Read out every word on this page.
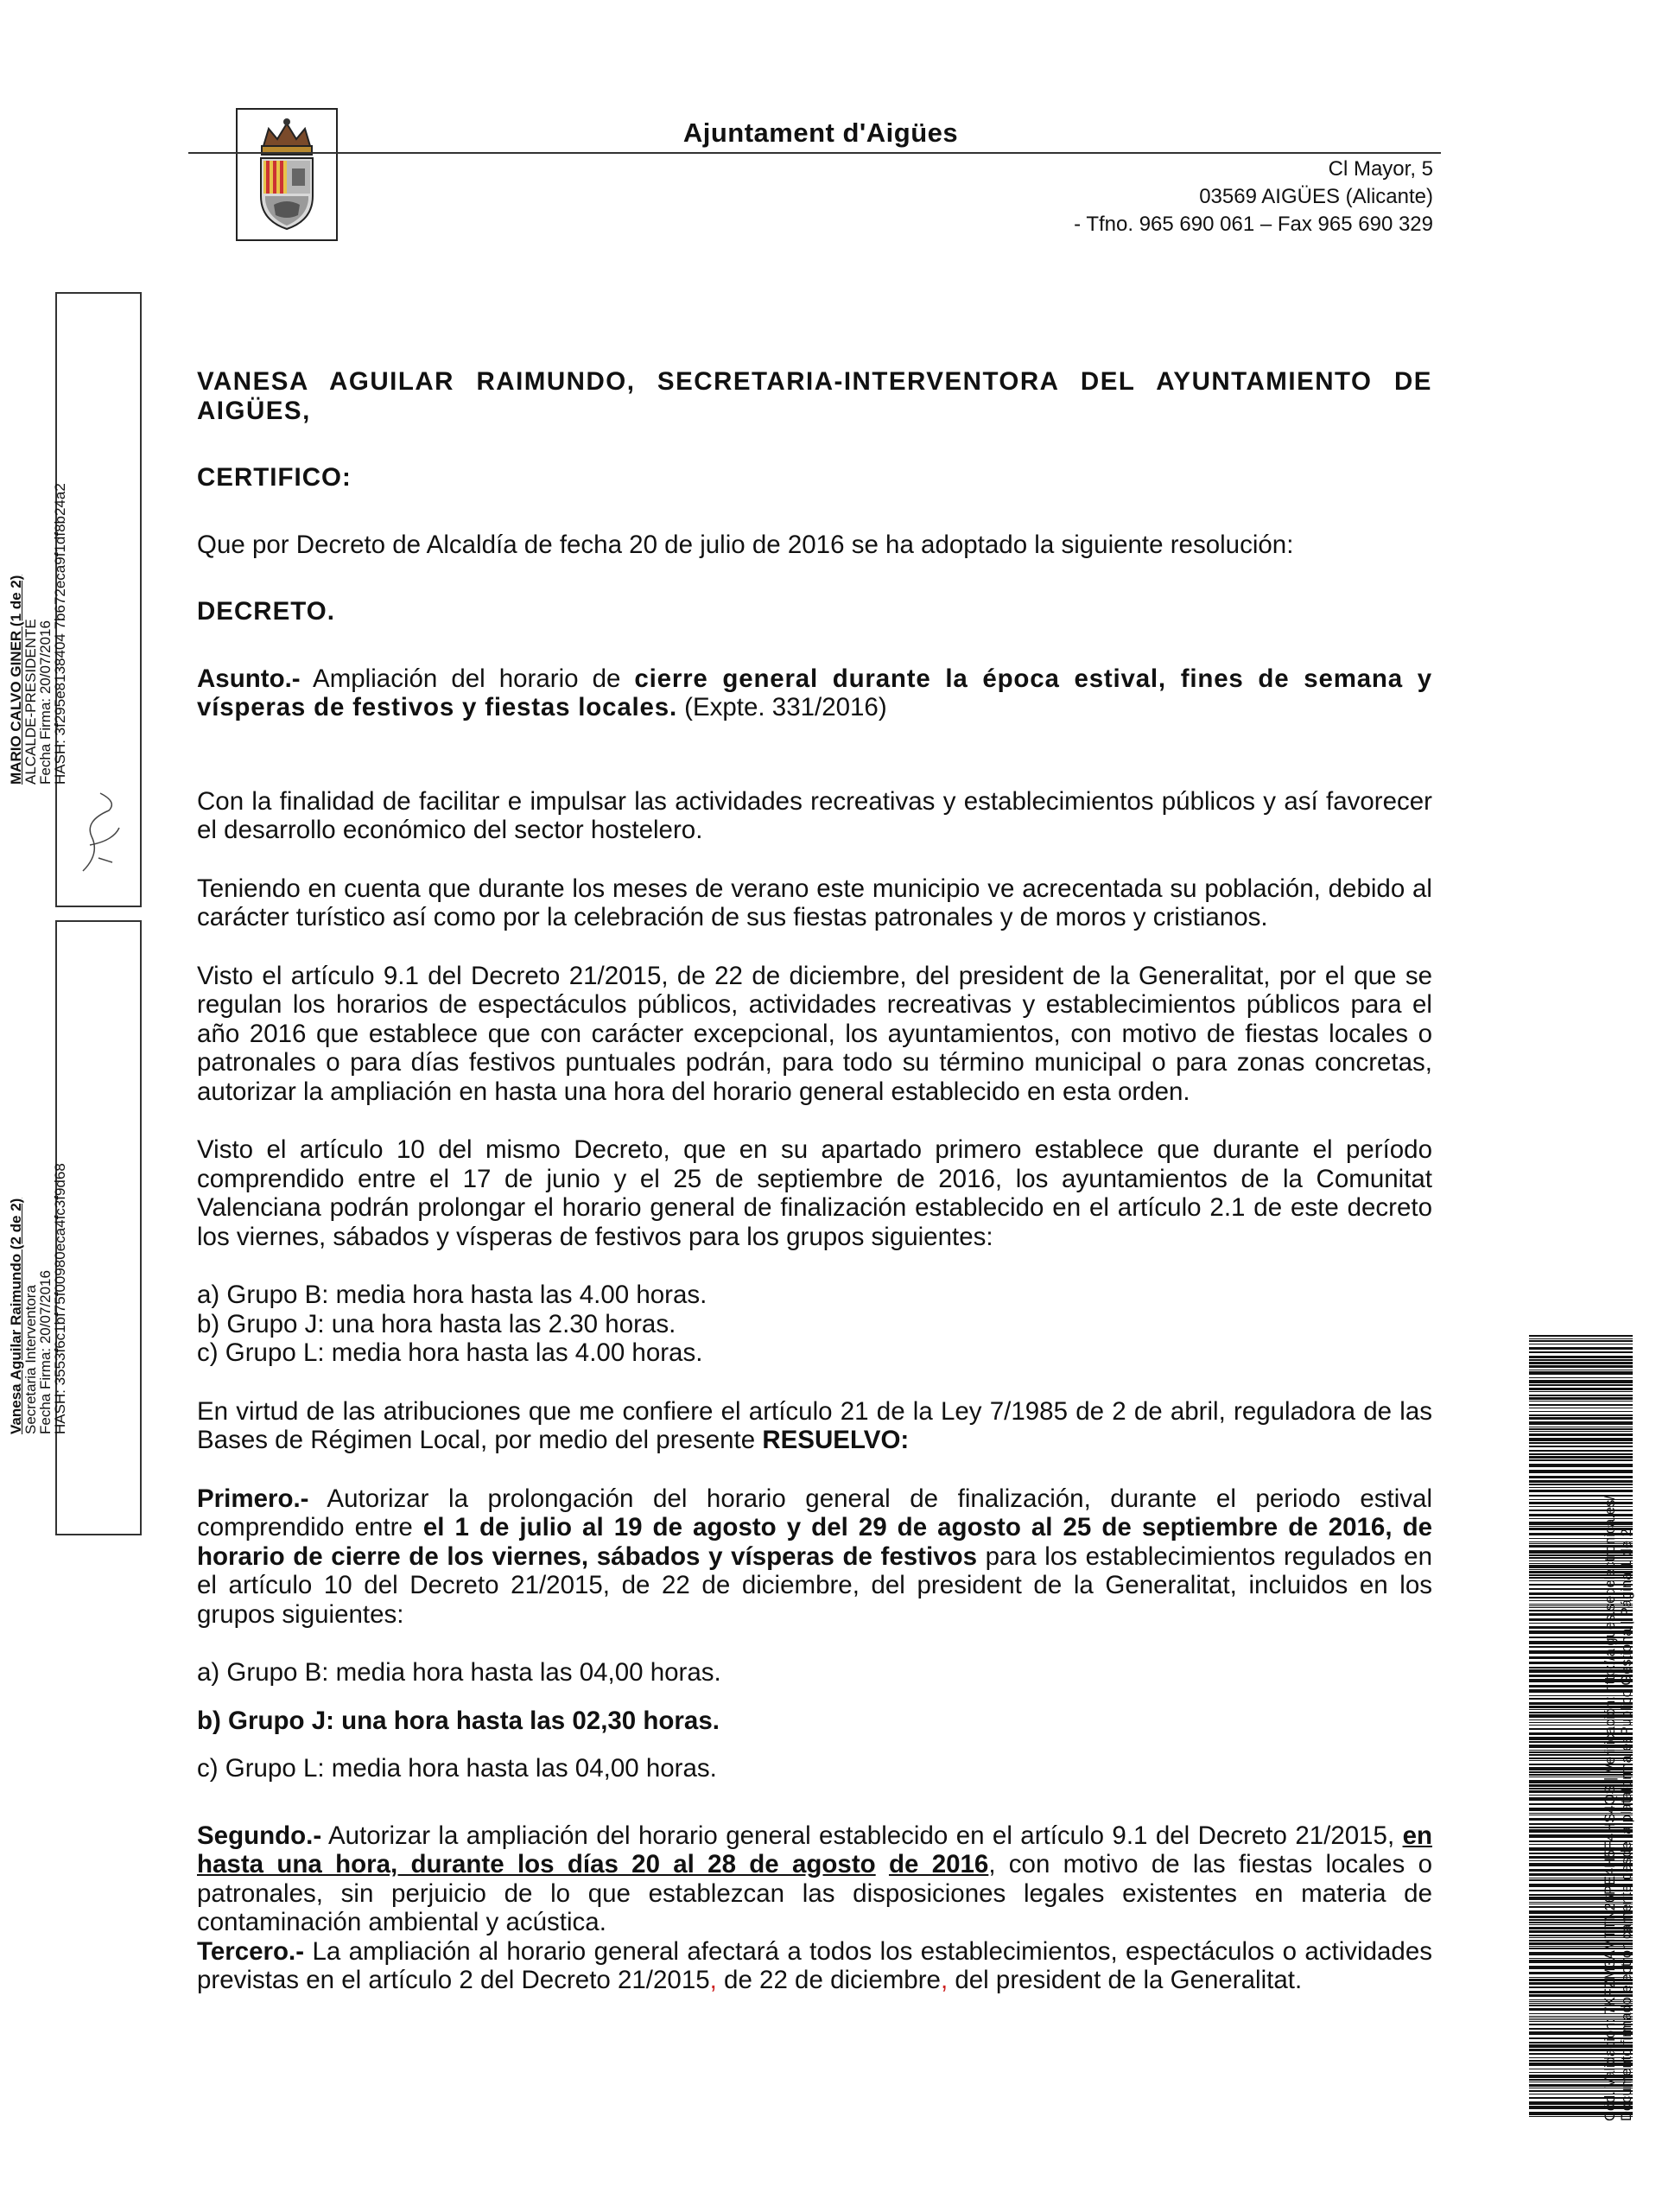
Ajuntament d'Aigües
Cl Mayor, 5
03569 AIGÜES (Alicante)
- Tfno. 965 690 061 – Fax 965 690 329
MARIO CALVO GINER (1 de 2)
ALCALDE-PRESIDENTE
Fecha Firma: 20/07/2016
HASH: 3f295e8138404 7b672eca9f1df8b24a2
Vanesa Aguilar Raimundo (2 de 2)
Secretaria Interventora
Fecha Firma: 20/07/2016
HASH: 3553f6c1bf75f00980eca4fc3f9d68

VANESA AGUILAR RAIMUNDO, SECRETARIA-INTERVENTORA DEL AYUNTAMIENTO DE AIGÜES,

CERTIFICO:

Que por Decreto de Alcaldía de fecha 20 de julio de 2016 se ha adoptado la siguiente resolución:

DECRETO.

Asunto.- Ampliación del horario de cierre general durante la época estival, fines de semana y vísperas de festivos y fiestas locales. (Expte. 331/2016)

Con la finalidad de facilitar e impulsar las actividades recreativas y establecimientos públicos y así favorecer el desarrollo económico del sector hostelero.

Teniendo en cuenta que durante los meses de verano este municipio ve acrecentada su población, debido al carácter turístico así como por la celebración de sus fiestas patronales y de moros y cristianos.

Visto el artículo 9.1 del Decreto 21/2015, de 22 de diciembre, del president de la Generalitat, por el que se regulan los horarios de espectáculos públicos, actividades recreativas y establecimientos públicos para el año 2016 que establece que con carácter excepcional, los ayuntamientos, con motivo de fiestas locales o patronales o para días festivos puntuales podrán, para todo su término municipal o para zonas concretas, autorizar la ampliación en hasta una hora del horario general establecido en esta orden.

Visto el artículo 10 del mismo Decreto, que en su apartado primero establece que durante el período comprendido entre el 17 de junio y el 25 de septiembre de 2016, los ayuntamientos de la Comunitat Valenciana podrán prolongar el horario general de finalización establecido en el artículo 2.1 de este decreto los viernes, sábados y vísperas de festivos para los grupos siguientes:

a) Grupo B: media hora hasta las 4.00 horas.

b) Grupo J: una hora hasta las 2.30 horas.

c) Grupo L: media hora hasta las 4.00 horas.

En virtud de las atribuciones que me confiere el artículo 21 de la Ley 7/1985 de 2 de abril, reguladora de las Bases de Régimen Local, por medio del presente RESUELVO:

Primero.- Autorizar la prolongación del horario general de finalización, durante el periodo estival comprendido entre el 1 de julio al 19 de agosto y del 29 de agosto al 25 de septiembre de 2016, de horario de cierre de los viernes, sábados y vísperas de festivos para los establecimientos regulados en el artículo 10 del Decreto 21/2015, de 22 de diciembre, del president de la Generalitat, incluidos en los grupos siguientes:

a) Grupo B: media hora hasta las 04,00 horas.

b) Grupo J: una hora hasta las 02,30 horas.

c) Grupo L: media hora hasta las 04,00 horas.

Segundo.- Autorizar la ampliación del horario general establecido en el artículo 9.1 del Decreto 21/2015, en hasta una hora, durante los días 20 al 28 de agosto de 2016, con motivo de las fiestas locales o patronales, sin perjuicio de lo que establezcan las disposiciones legales existentes en materia de contaminación ambiental y acústica.

Tercero.- La ampliación al horario general afectará a todos los establecimientos, espectáculos o actividades previstas en el artículo 2 del Decreto 21/2015, de 22 de diciembre, del president de la Generalitat.	Cód. Validación: 7KFZM3AMTTN26PE4H5F4HS4QS | Verificación: http://aigues.sedelectronica.es/ Documento firmado electrónicamente desde la plataforma esPublico Gestiona | Página 1 de 2
